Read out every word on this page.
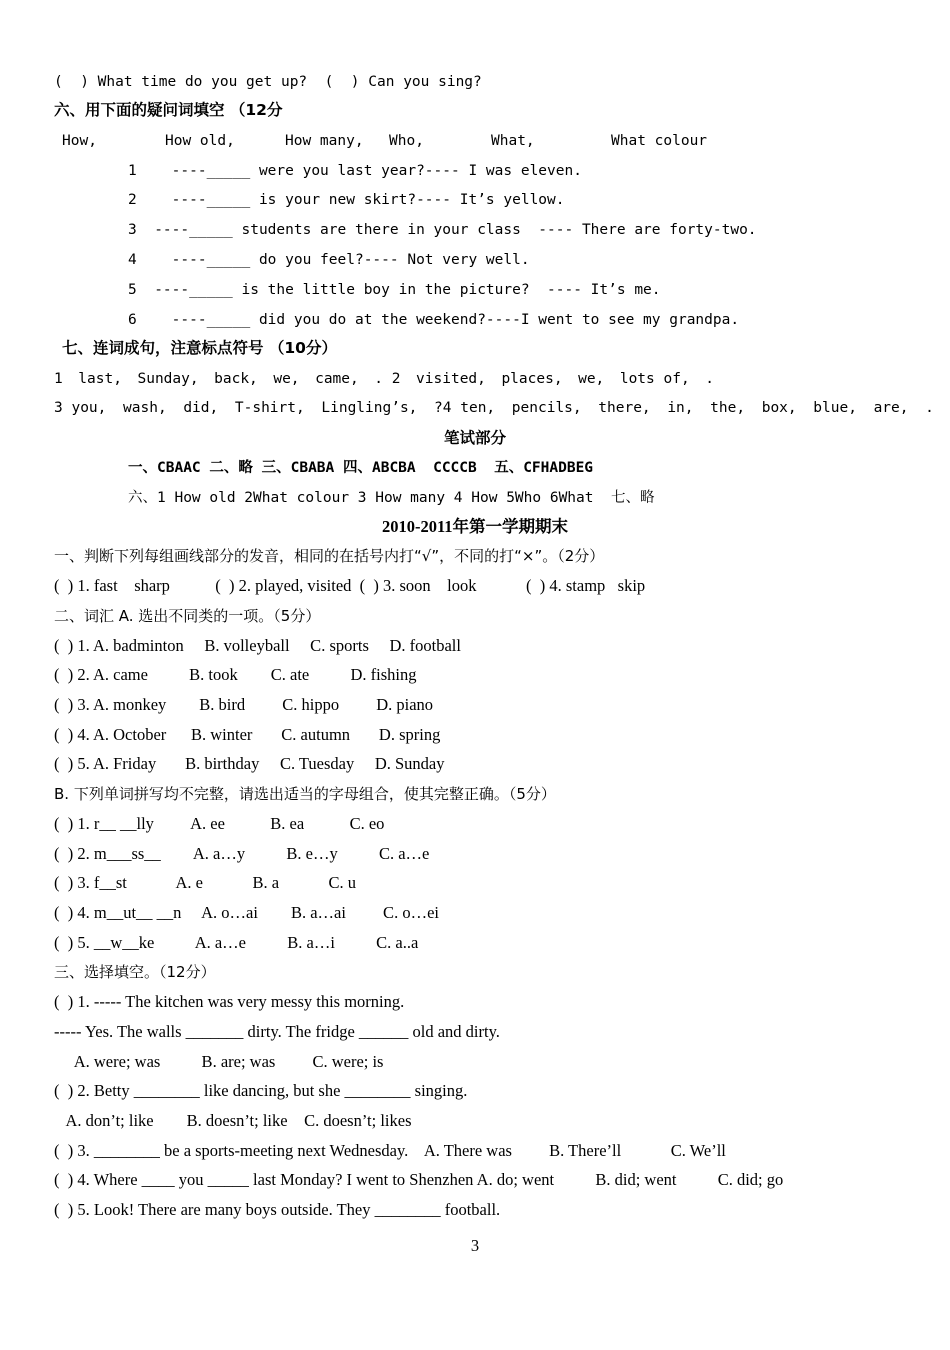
(  ) What time do you get up?  (  ) Can you sing?
六、用下面的疑问词填空 （12分
How,	How old,	How many, Who,	What,	What colour
1    ----_____ were you last year?---- I was eleven.
2    ----_____ is your new skirt?---- It’s yellow.
3  ----_____ students are there in your class  ---- There are forty-two.
4    ----_____ do you feel?---- Not very well.
5  ----_____ is the little boy in the picture?  ---- It’s me.
6    ----_____ did you do at the weekend?----I went to see my grandpa.
七、连词成句，注意标点符号 （10分）
1 last, Sunday, back, we, came, . 2 visited, places, we, lots of, .
3 you, wash, did, T-shirt, Lingling’s, ?4 ten, pencils, there, in, the, box, blue, are, .
笔试部分
一、CBAAC 二、略 三、CBABA 四、ABCBA  CCCCB  五、CFHADBEG
六、1 How old 2What colour 3 How many 4 How 5Who 6What  七、略
2010-2011年第一学期期末
一、判断下列每组画线部分的发音，相同的在括号内打“√”，不同的打“×”。（2分）
(  ) 1. fast    sharp           (  ) 2. played, visited  (  ) 3. soon    look            (  ) 4. stamp   skip
二、词汇 A. 选出不同类的一项。（5分）
(  ) 1. A. badminton     B. volleyball     C. sports     D. football
(  ) 2. A. came          B. took        C. ate          D. fishing
(  ) 3. A. monkey        B. bird         C. hippo         D. piano
(  ) 4. A. October      B. winter       C. autumn       D. spring
(  ) 5. A. Friday       B. birthday     C. Tuesday     D. Sunday
B. 下列单词拼写均不完整，请选出适当的字母组合，使其完整正确。（5分）
(  ) 1. r__ __lly         A. ee           B. ea           C. eo
(  ) 2. m___ss__        A. a…y          B. e…y          C. a…e
(  ) 3. f__st            A. e            B. a            C. u
(  ) 4. m__ut__ __n     A. o…ai        B. a…ai         C. o…ei
(  ) 5. __w__ke          A. a…e          B. a…i          C. a..a
三、选择填空。（12分）
(  ) 1. ----- The kitchen was very messy this morning.
----- Yes. The walls _______ dirty. The fridge ______ old and dirty.
A. were; was          B. are; was         C. were; is
(  ) 2. Betty ________ like dancing, but she ________ singing.
A. don’t; like        B. doesn’t; like    C. doesn’t; likes
(  ) 3. ________ be a sports-meeting next Wednesday.    A. There was         B. There’ll            C. We’ll
(  ) 4. Where ____ you _____ last Monday? I went to Shenzhen A. do; went          B. did; went          C. did; go
(  ) 5. Look! There are many boys outside. They ________ football.
3
